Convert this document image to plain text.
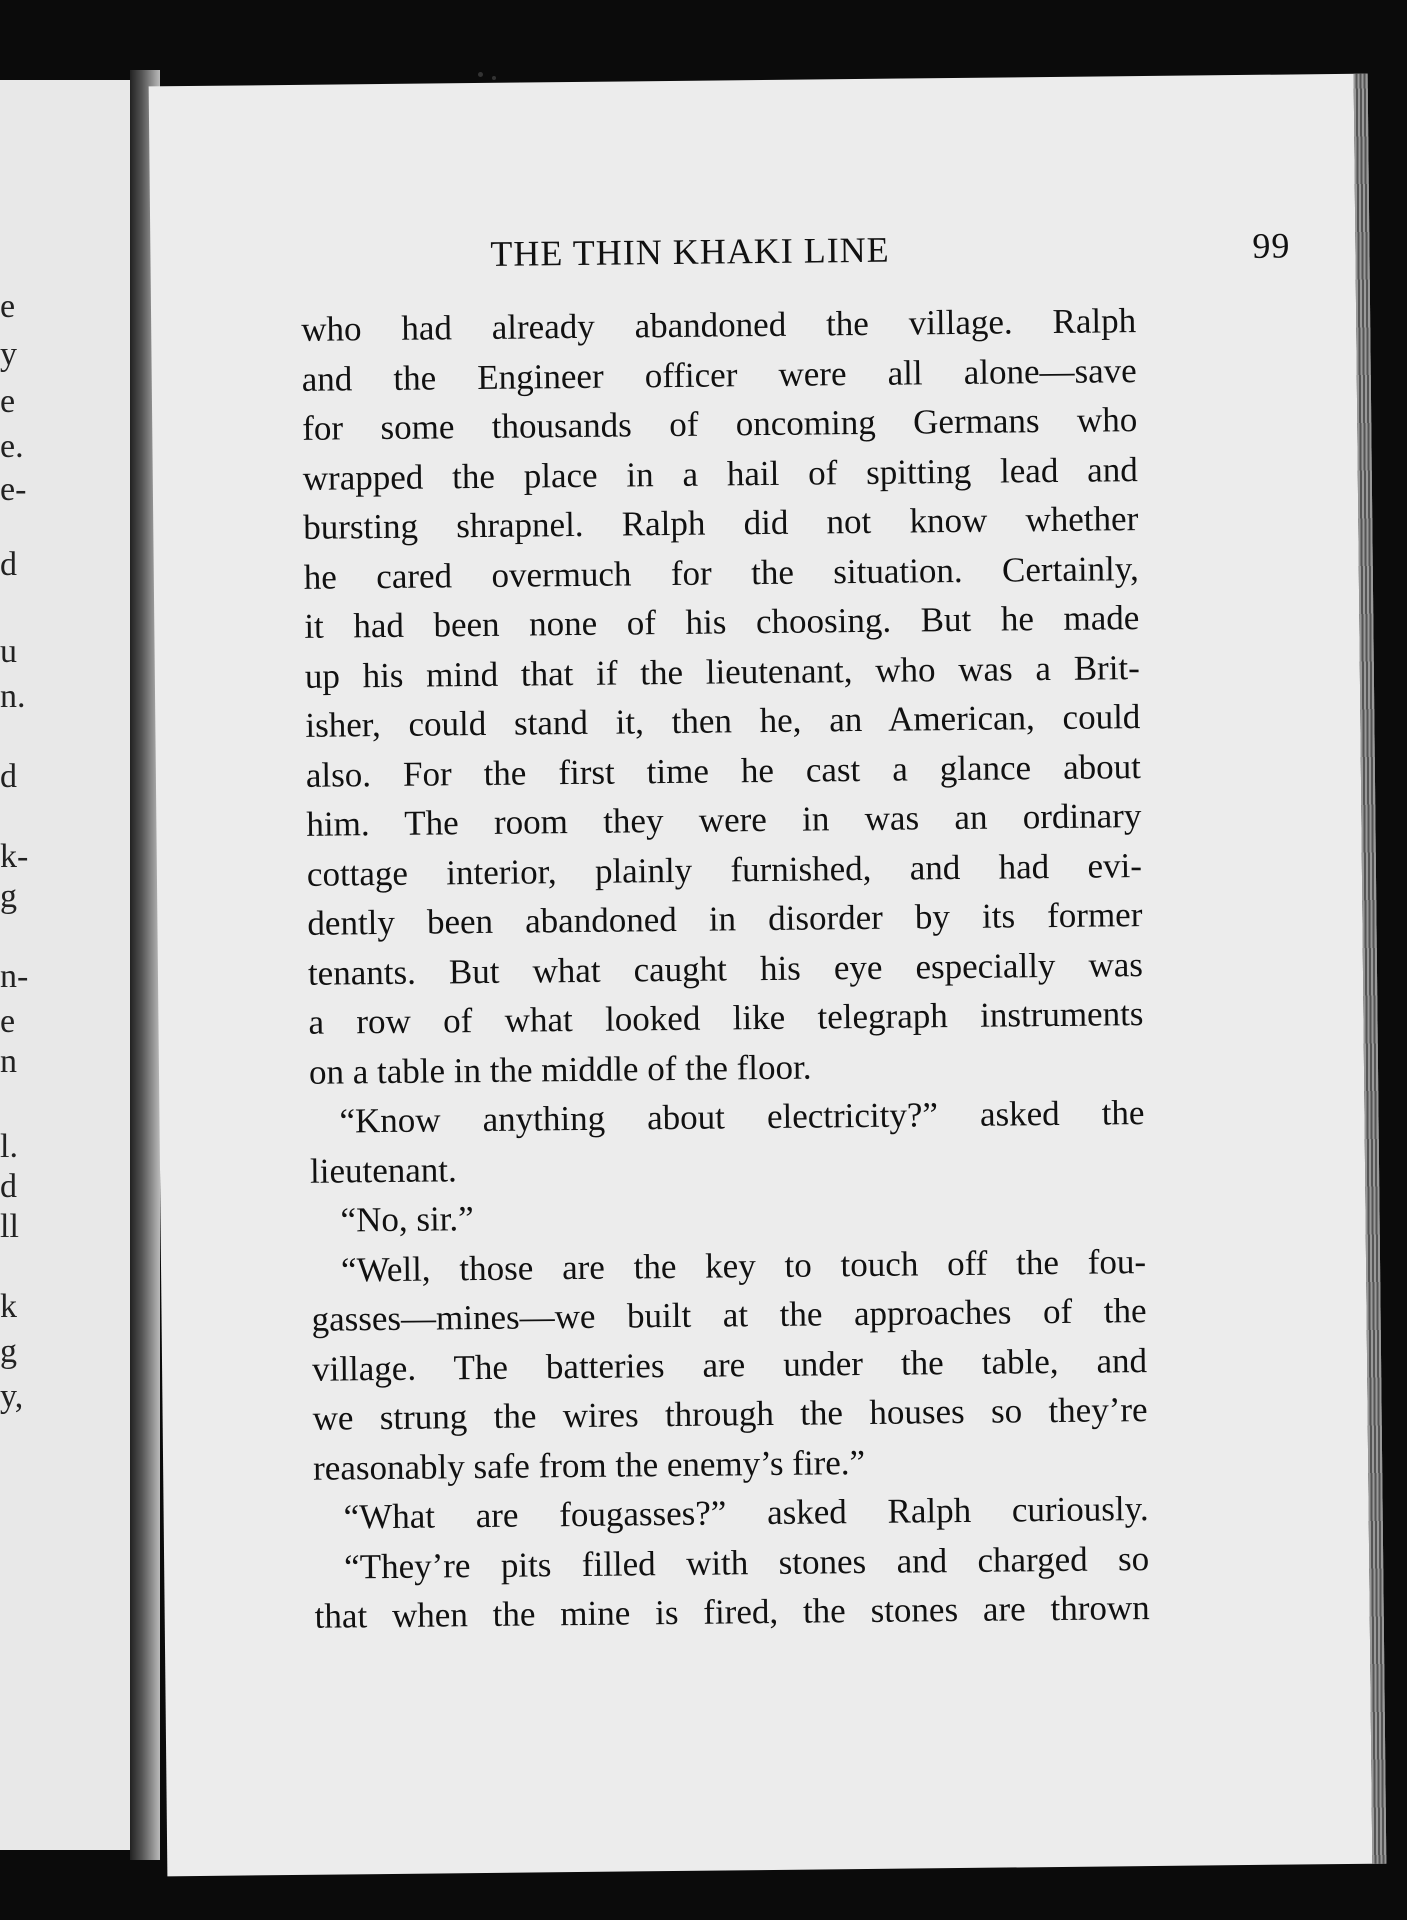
e
y
e
e.
e-
d
u
n.
d
k-
g
n-
e
n
l.
d
ll
k
g
y,
THE THIN KHAKI LINE	99
who had already abandoned the village. Ralph
and the Engineer officer were all alone—save
for some thousands of oncoming Germans who
wrapped the place in a hail of spitting lead and
bursting shrapnel. Ralph did not know whether
he cared overmuch for the situation. Certainly,
it had been none of his choosing. But he made
up his mind that if the lieutenant, who was a Brit-
isher, could stand it, then he, an American, could
also. For the first time he cast a glance about
him. The room they were in was an ordinary
cottage interior, plainly furnished, and had evi-
dently been abandoned in disorder by its former
tenants. But what caught his eye especially was
a row of what looked like telegraph instruments
on a table in the middle of the floor.
“Know anything about electricity?” asked the
lieutenant.
“No, sir.”
“Well, those are the key to touch off the fou-
gasses—mines—we built at the approaches of the
village. The batteries are under the table, and
we strung the wires through the houses so they’re
reasonably safe from the enemy’s fire.”
“What are fougasses?” asked Ralph curiously.
“They’re pits filled with stones and charged so
that when the mine is fired, the stones are thrown
